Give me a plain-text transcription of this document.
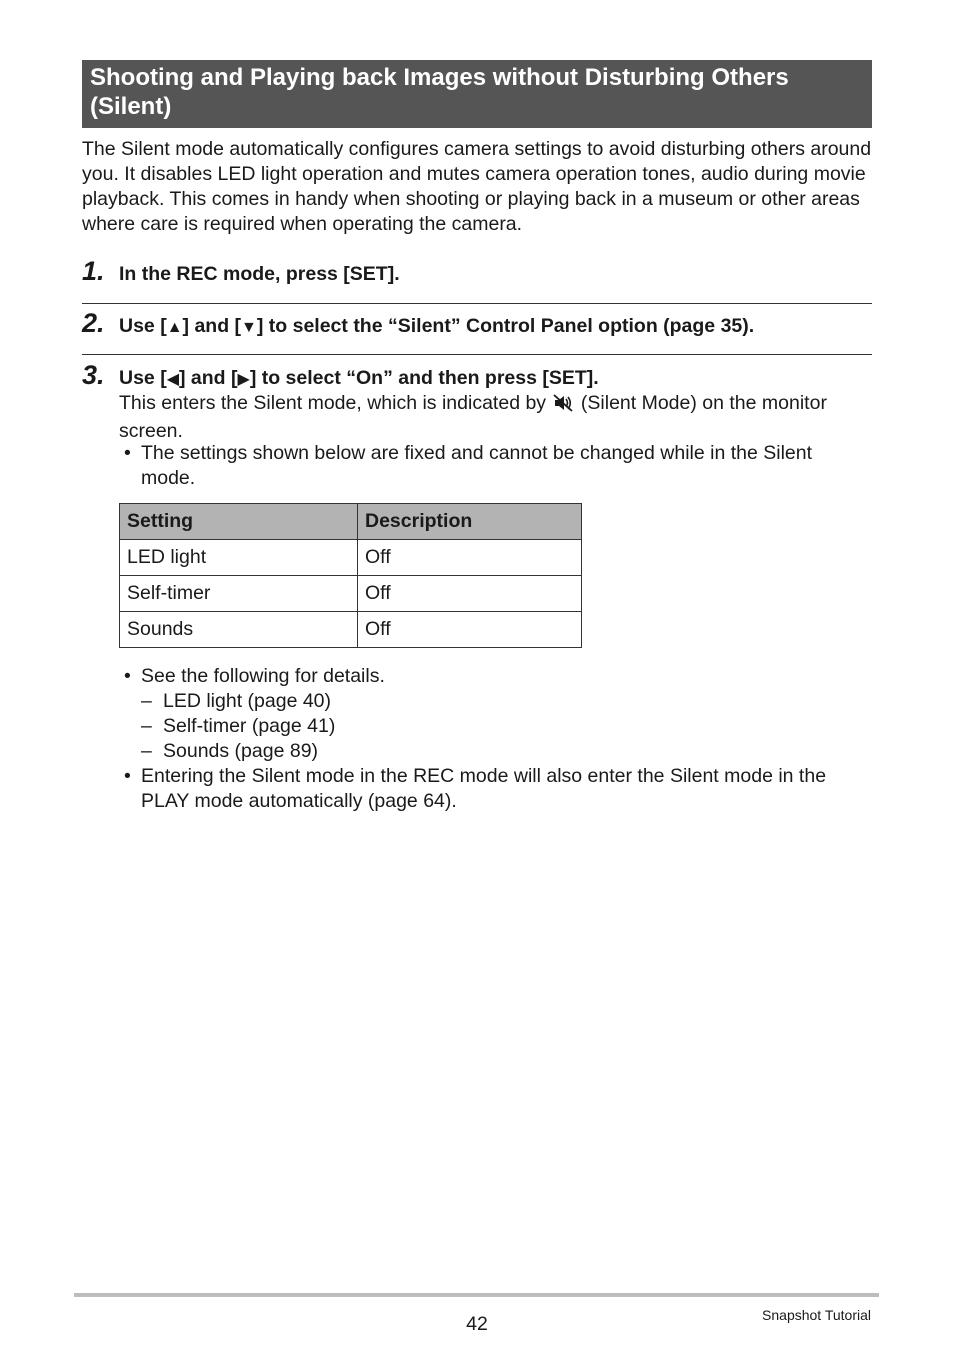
Shooting and Playing back Images without Disturbing Others (Silent)
The Silent mode automatically configures camera settings to avoid disturbing others around you. It disables LED light operation and mutes camera operation tones, audio during movie playback. This comes in handy when shooting or playing back in a museum or other areas where care is required when operating the camera.
1. In the REC mode, press [SET].
2. Use [▲] and [▼] to select the “Silent” Control Panel option (page 35).
3. Use [◀] and [▶] to select “On” and then press [SET].
This enters the Silent mode, which is indicated by (Silent Mode) on the monitor screen.
• The settings shown below are fixed and cannot be changed while in the Silent mode.
Setting	Description
LED light	Off
Self-timer	Off
Sounds	Off
• See the following for details.
– LED light (page 40)
– Self-timer (page 41)
– Sounds (page 89)
• Entering the Silent mode in the REC mode will also enter the Silent mode in the PLAY mode automatically (page 64).
42	Snapshot Tutorial
